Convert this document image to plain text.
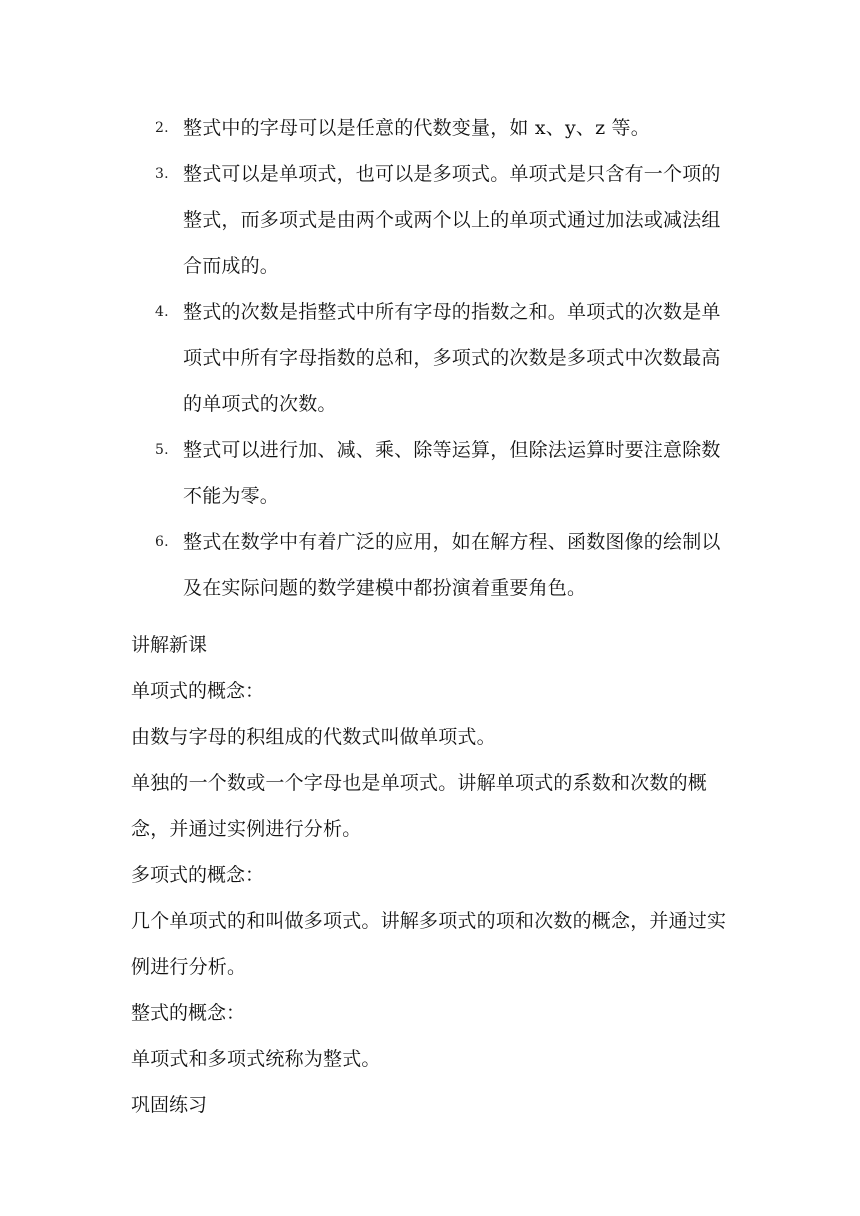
2. 整式中的字母可以是任意的代数变量，如 x、y、z 等。
3. 整式可以是单项式，也可以是多项式。单项式是只含有一个项的整式，而多项式是由两个或两个以上的单项式通过加法或减法组合而成的。
4. 整式的次数是指整式中所有字母的指数之和。单项式的次数是单项式中所有字母指数的总和，多项式的次数是多项式中次数最高的单项式的次数。
5. 整式可以进行加、减、乘、除等运算，但除法运算时要注意除数不能为零。
6. 整式在数学中有着广泛的应用，如在解方程、函数图像的绘制以及在实际问题的数学建模中都扮演着重要角色。
讲解新课
单项式的概念：
由数与字母的积组成的代数式叫做单项式。
单独的一个数或一个字母也是单项式。讲解单项式的系数和次数的概念，并通过实例进行分析。
多项式的概念：
几个单项式的和叫做多项式。讲解多项式的项和次数的概念，并通过实例进行分析。
整式的概念：
单项式和多项式统称为整式。
巩固练习
